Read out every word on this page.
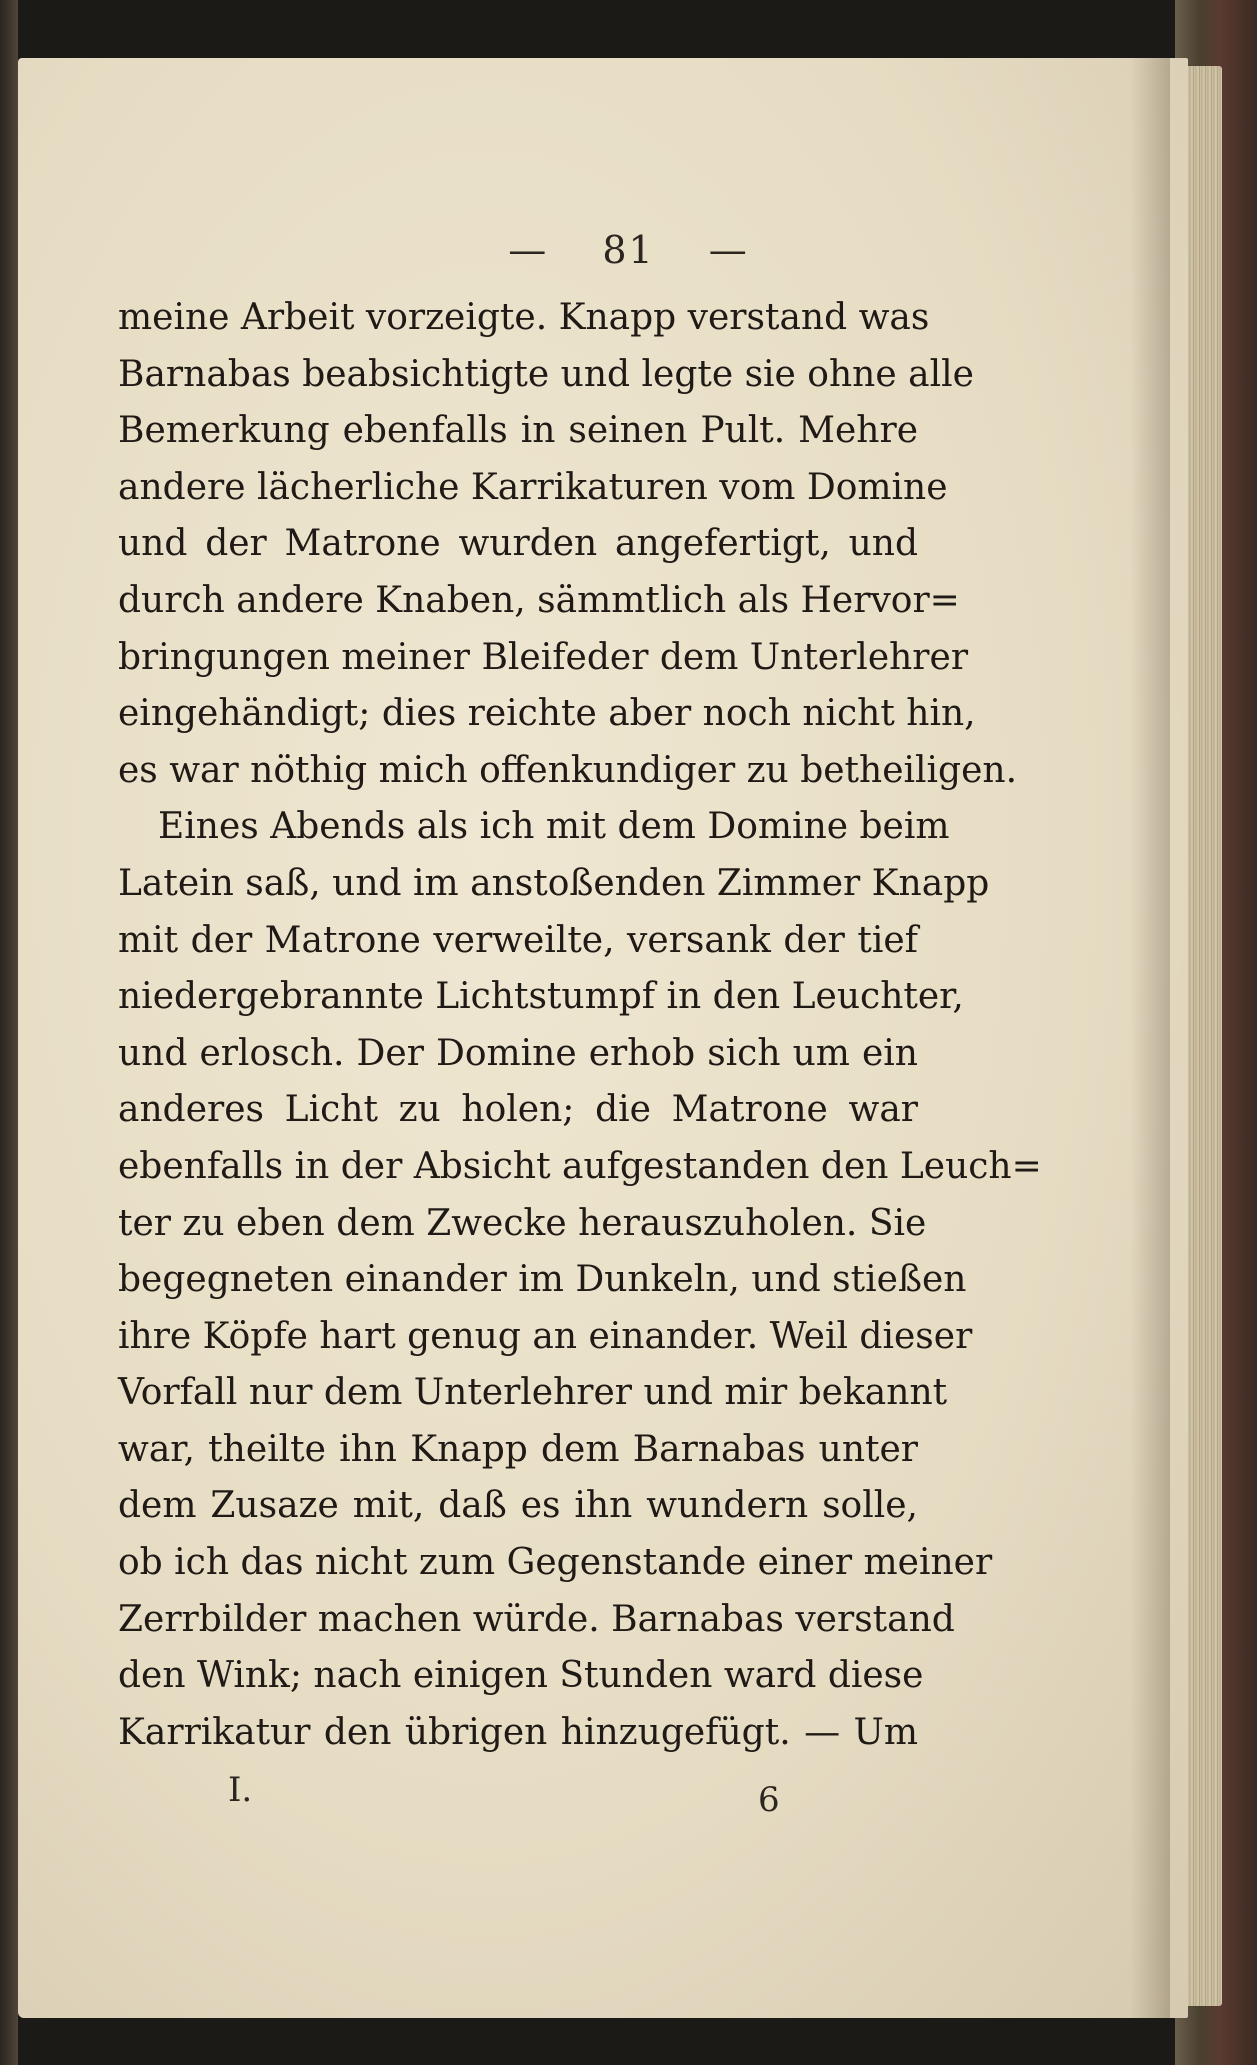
— 81 —
meine Arbeit vorzeigte. Knapp verstand was
Barnabas beabsichtigte und legte sie ohne alle
Bemerkung ebenfalls in seinen Pult. Mehre
andere lächerliche Karrikaturen vom Domine
und der Matrone wurden angefertigt, und
durch andere Knaben, sämmtlich als Hervor=
bringungen meiner Bleifeder dem Unterlehrer
eingehändigt; dies reichte aber noch nicht hin,
es war nöthig mich offenkundiger zu betheiligen.
Eines Abends als ich mit dem Domine beim
Latein saß, und im anstoßenden Zimmer Knapp
mit der Matrone verweilte, versank der tief
niedergebrannte Lichtstumpf in den Leuchter,
und erlosch. Der Domine erhob sich um ein
anderes Licht zu holen; die Matrone war
ebenfalls in der Absicht aufgestanden den Leuch=
ter zu eben dem Zwecke herauszuholen. Sie
begegneten einander im Dunkeln, und stießen
ihre Köpfe hart genug an einander. Weil dieser
Vorfall nur dem Unterlehrer und mir bekannt
war, theilte ihn Knapp dem Barnabas unter
dem Zusaze mit, daß es ihn wundern solle,
ob ich das nicht zum Gegenstande einer meiner
Zerrbilder machen würde. Barnabas verstand
den Wink; nach einigen Stunden ward diese
Karrikatur den übrigen hinzugefügt. — Um
I.	6
